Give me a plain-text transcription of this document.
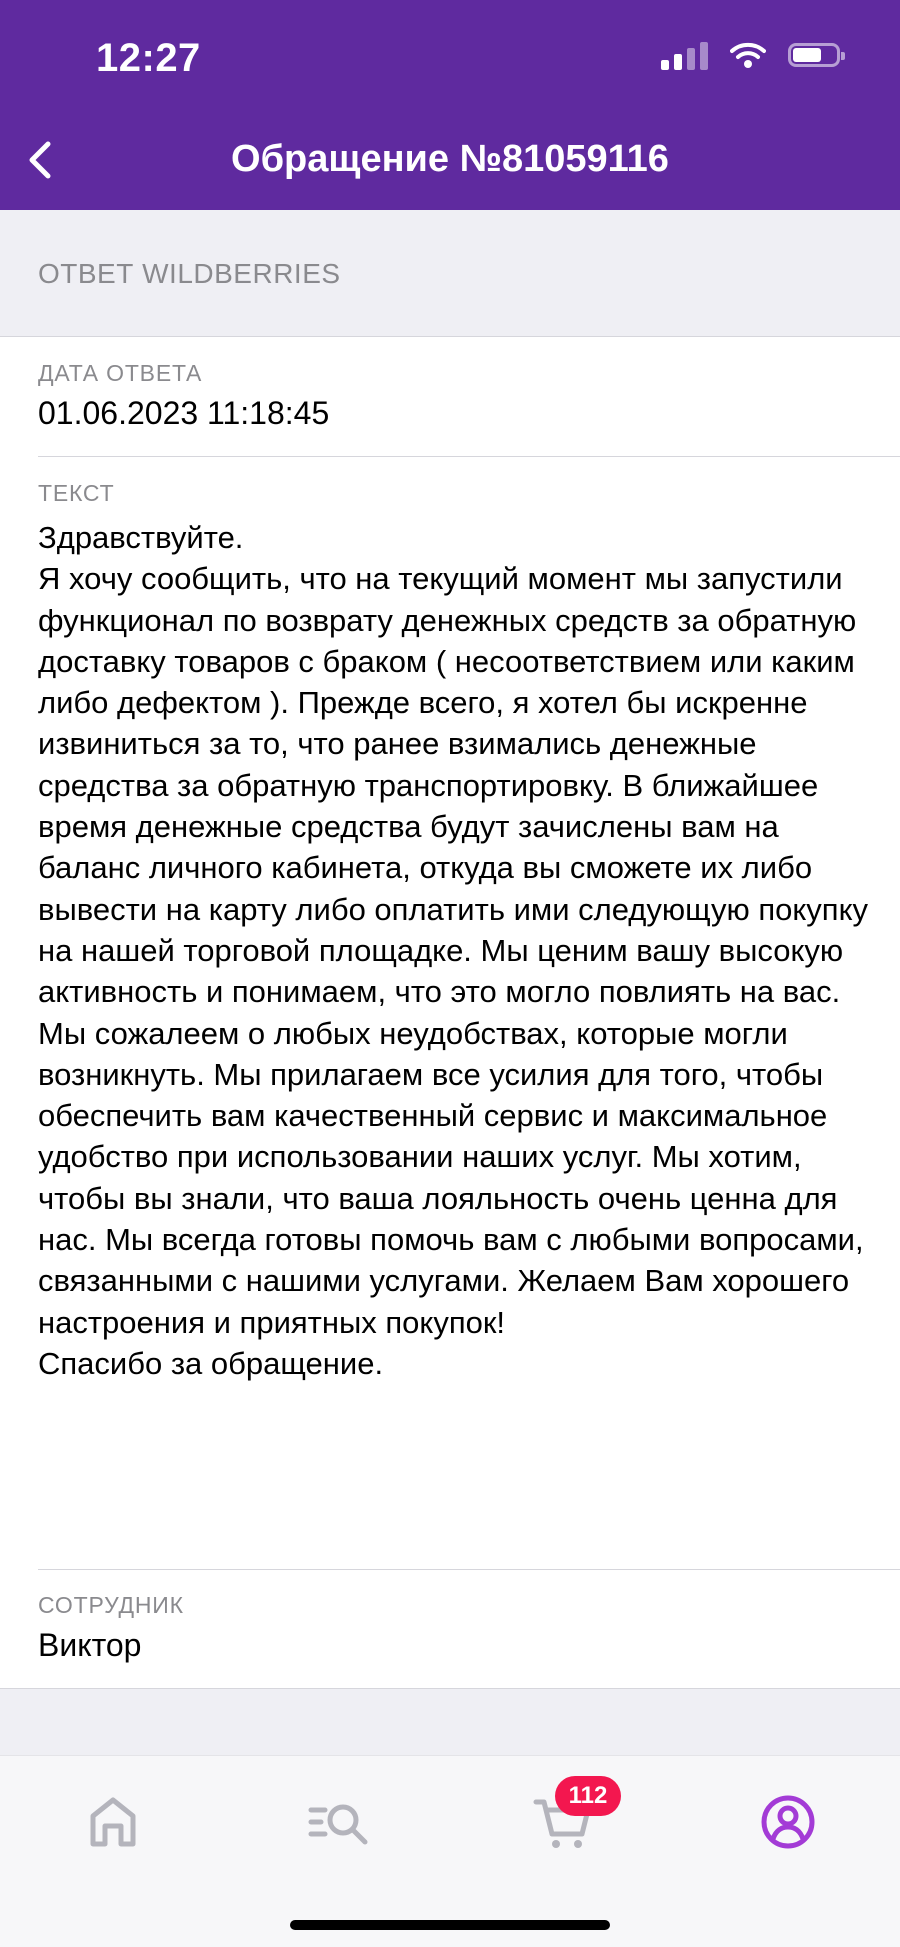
12:27
Обращение №81059116
ОТВЕТ WILDBERRIES
ДАТА ОТВЕТА
01.06.2023 11:18:45
ТЕКСТ
Здравствуйте.
Я хочу сообщить, что на текущий момент мы запустили функционал по возврату денежных средств за обратную доставку товаров с браком ( несоответствием или каким либо дефектом ). Прежде всего, я хотел бы искренне извиниться за то, что ранее взимались денежные средства за обратную транспортировку. В ближайшее время денежные средства будут зачислены вам на баланс личного кабинета, откуда вы сможете их либо вывести на карту либо оплатить ими следующую покупку на нашей торговой площадке. Мы ценим вашу высокую активность и понимаем, что это могло повлиять на вас. Мы сожалеем о любых неудобствах, которые могли возникнуть. Мы прилагаем все усилия для того, чтобы обеспечить вам качественный сервис и максимальное удобство при использовании наших услуг. Мы хотим, чтобы вы знали, что ваша лояльность очень ценна для нас. Мы всегда готовы помочь вам с любыми вопросами, связанными с нашими услугами. Желаем Вам хорошего настроения и приятных покупок!
Спасибо за обращение.
СОТРУДНИК
Виктор
112
